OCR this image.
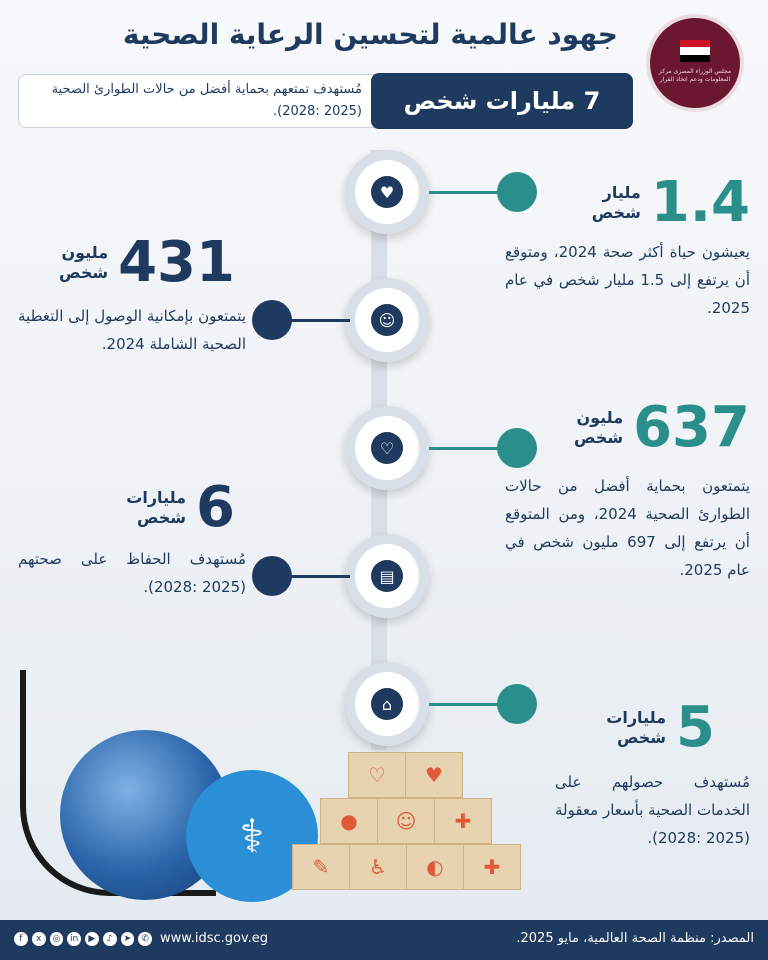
مجلس الوزراء المصرى مركز المعلومات ودعم اتخاذ القرار
جهود عالمية لتحسين الرعاية الصحية
7 مليارات شخص
مُستهدف تمتعهم بحماية أفضل من حالات الطوارئ الصحية (2025 :2028).
♥
☺
♡
▤
⌂
1.4
مليار
شخص
يعيشون حياة أكثر صحة 2024، ومتوقع أن يرتفع إلى 1.5 مليار شخص في عام 2025.
431
مليون
شخص
يتمتعون بإمكانية الوصول إلى التغطية الصحية الشاملة 2024.
637
مليون
شخص
يتمتعون بحماية أفضل من حالات الطوارئ الصحية 2024، ومن المتوقع أن يرتفع إلى 697 مليون شخص في عام 2025.
6
مليارات
شخص
مُستهدف الحفاظ على صحتهم (2025 :2028).
5
مليارات
شخص
مُستهدف حصولهم على الخدمات الصحية بأسعار معقولة (2025 :2028).
⚕
♡	♥
●	☺	✚
✎	♿	◐	✚
f	x	◎	in	▶	♪	➤	✆ www.idsc.gov.eg	المصدر: منظمة الصحة العالمية، مايو 2025.
